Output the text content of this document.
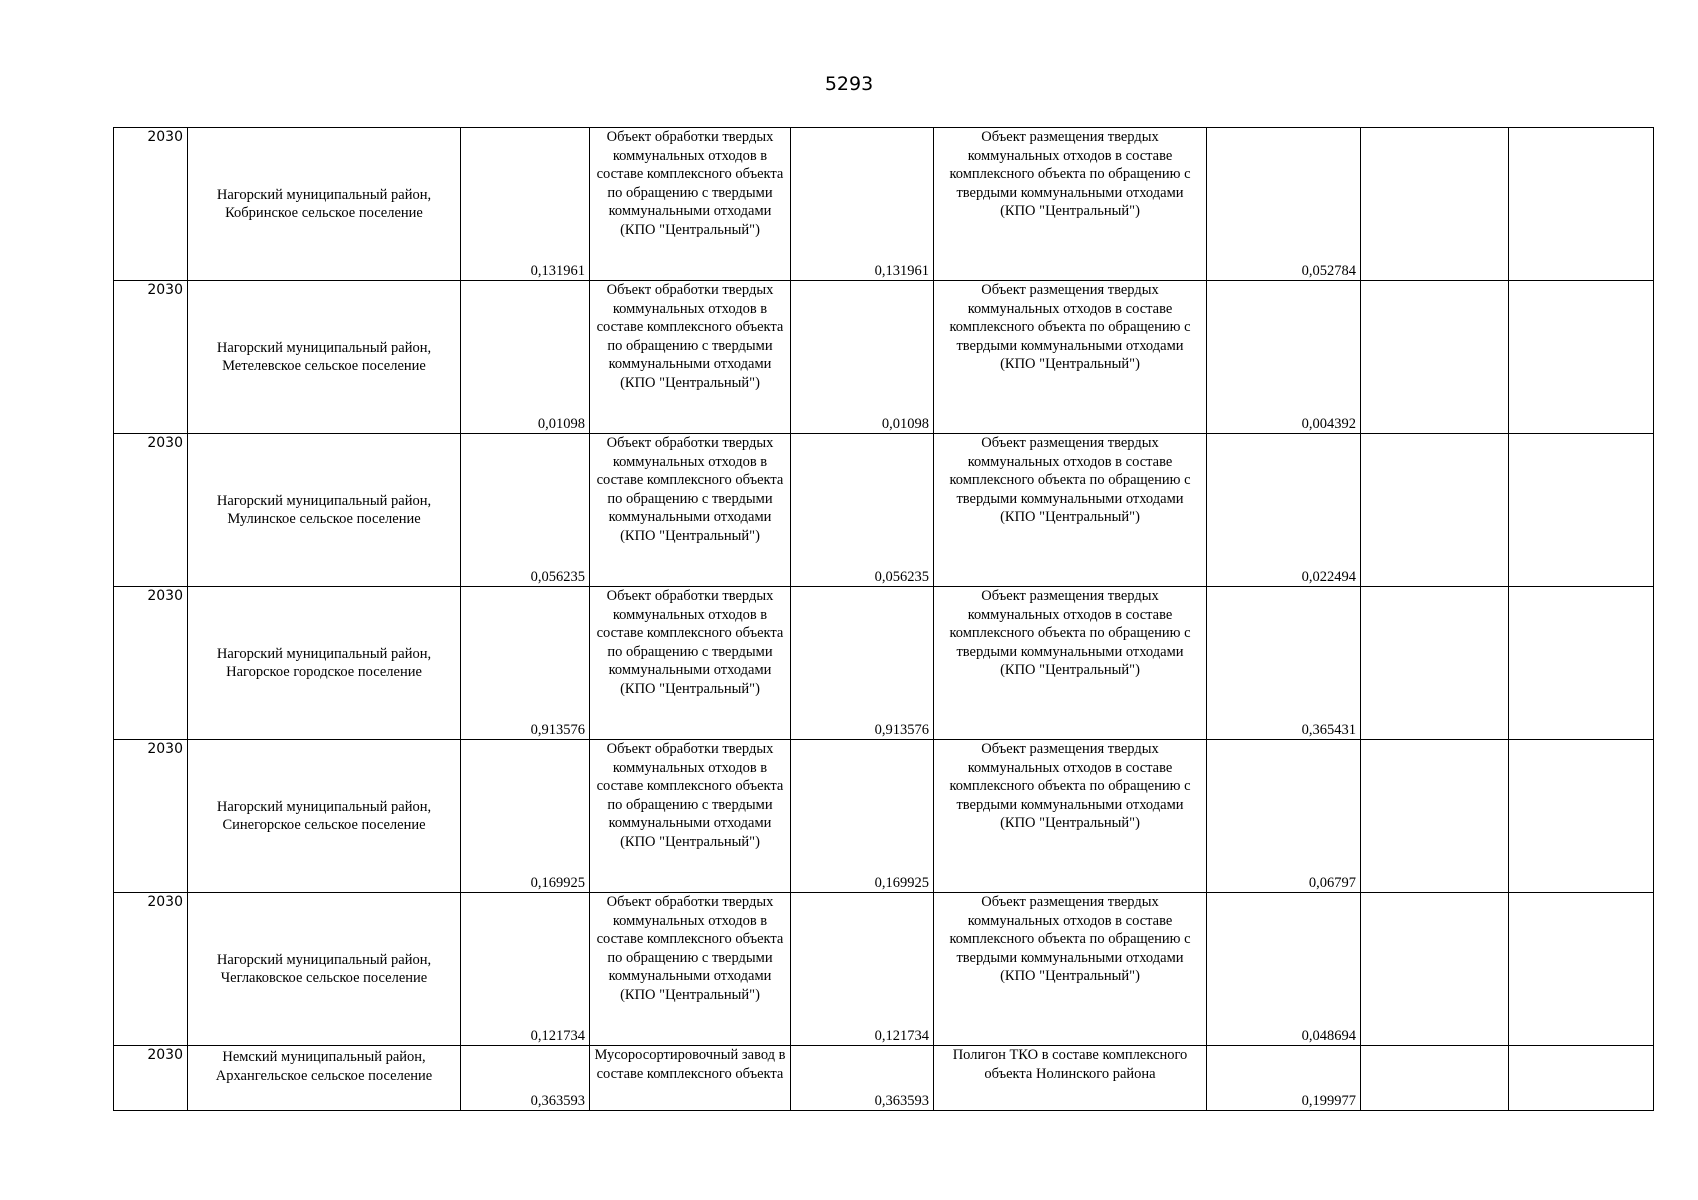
5293
2030	Нагорский муниципальный район, Кобринское сельское поселение	0,131961	Объект обработки твердых коммунальных отходов в составе комплексного объекта по обращению с твердыми коммунальными отходами (КПО "Центральный")	0,131961	Объект размещения твердых коммунальных отходов в составе комплексного объекта по обращению с твердыми коммунальными отходами (КПО "Центральный")	0,052784		
2030	Нагорский муниципальный район, Метелевское сельское поселение	0,01098	Объект обработки твердых коммунальных отходов в составе комплексного объекта по обращению с твердыми коммунальными отходами (КПО "Центральный")	0,01098	Объект размещения твердых коммунальных отходов в составе комплексного объекта по обращению с твердыми коммунальными отходами (КПО "Центральный")	0,004392		
2030	Нагорский муниципальный район, Мулинское сельское поселение	0,056235	Объект обработки твердых коммунальных отходов в составе комплексного объекта по обращению с твердыми коммунальными отходами (КПО "Центральный")	0,056235	Объект размещения твердых коммунальных отходов в составе комплексного объекта по обращению с твердыми коммунальными отходами (КПО "Центральный")	0,022494		
2030	Нагорский муниципальный район, Нагорское городское поселение	0,913576	Объект обработки твердых коммунальных отходов в составе комплексного объекта по обращению с твердыми коммунальными отходами (КПО "Центральный")	0,913576	Объект размещения твердых коммунальных отходов в составе комплексного объекта по обращению с твердыми коммунальными отходами (КПО "Центральный")	0,365431		
2030	Нагорский муниципальный район, Синегорское сельское поселение	0,169925	Объект обработки твердых коммунальных отходов в составе комплексного объекта по обращению с твердыми коммунальными отходами (КПО "Центральный")	0,169925	Объект размещения твердых коммунальных отходов в составе комплексного объекта по обращению с твердыми коммунальными отходами (КПО "Центральный")	0,06797		
2030	Нагорский муниципальный район, Чеглаковское сельское поселение	0,121734	Объект обработки твердых коммунальных отходов в составе комплексного объекта по обращению с твердыми коммунальными отходами (КПО "Центральный")	0,121734	Объект размещения твердых коммунальных отходов в составе комплексного объекта по обращению с твердыми коммунальными отходами (КПО "Центральный")	0,048694		
2030	Немский муниципальный район, Архангельское сельское поселение	0,363593	Мусоросортировочный завод в составе комплексного объекта	0,363593	Полигон ТКО в составе комплексного объекта Нолинского района	0,199977		
